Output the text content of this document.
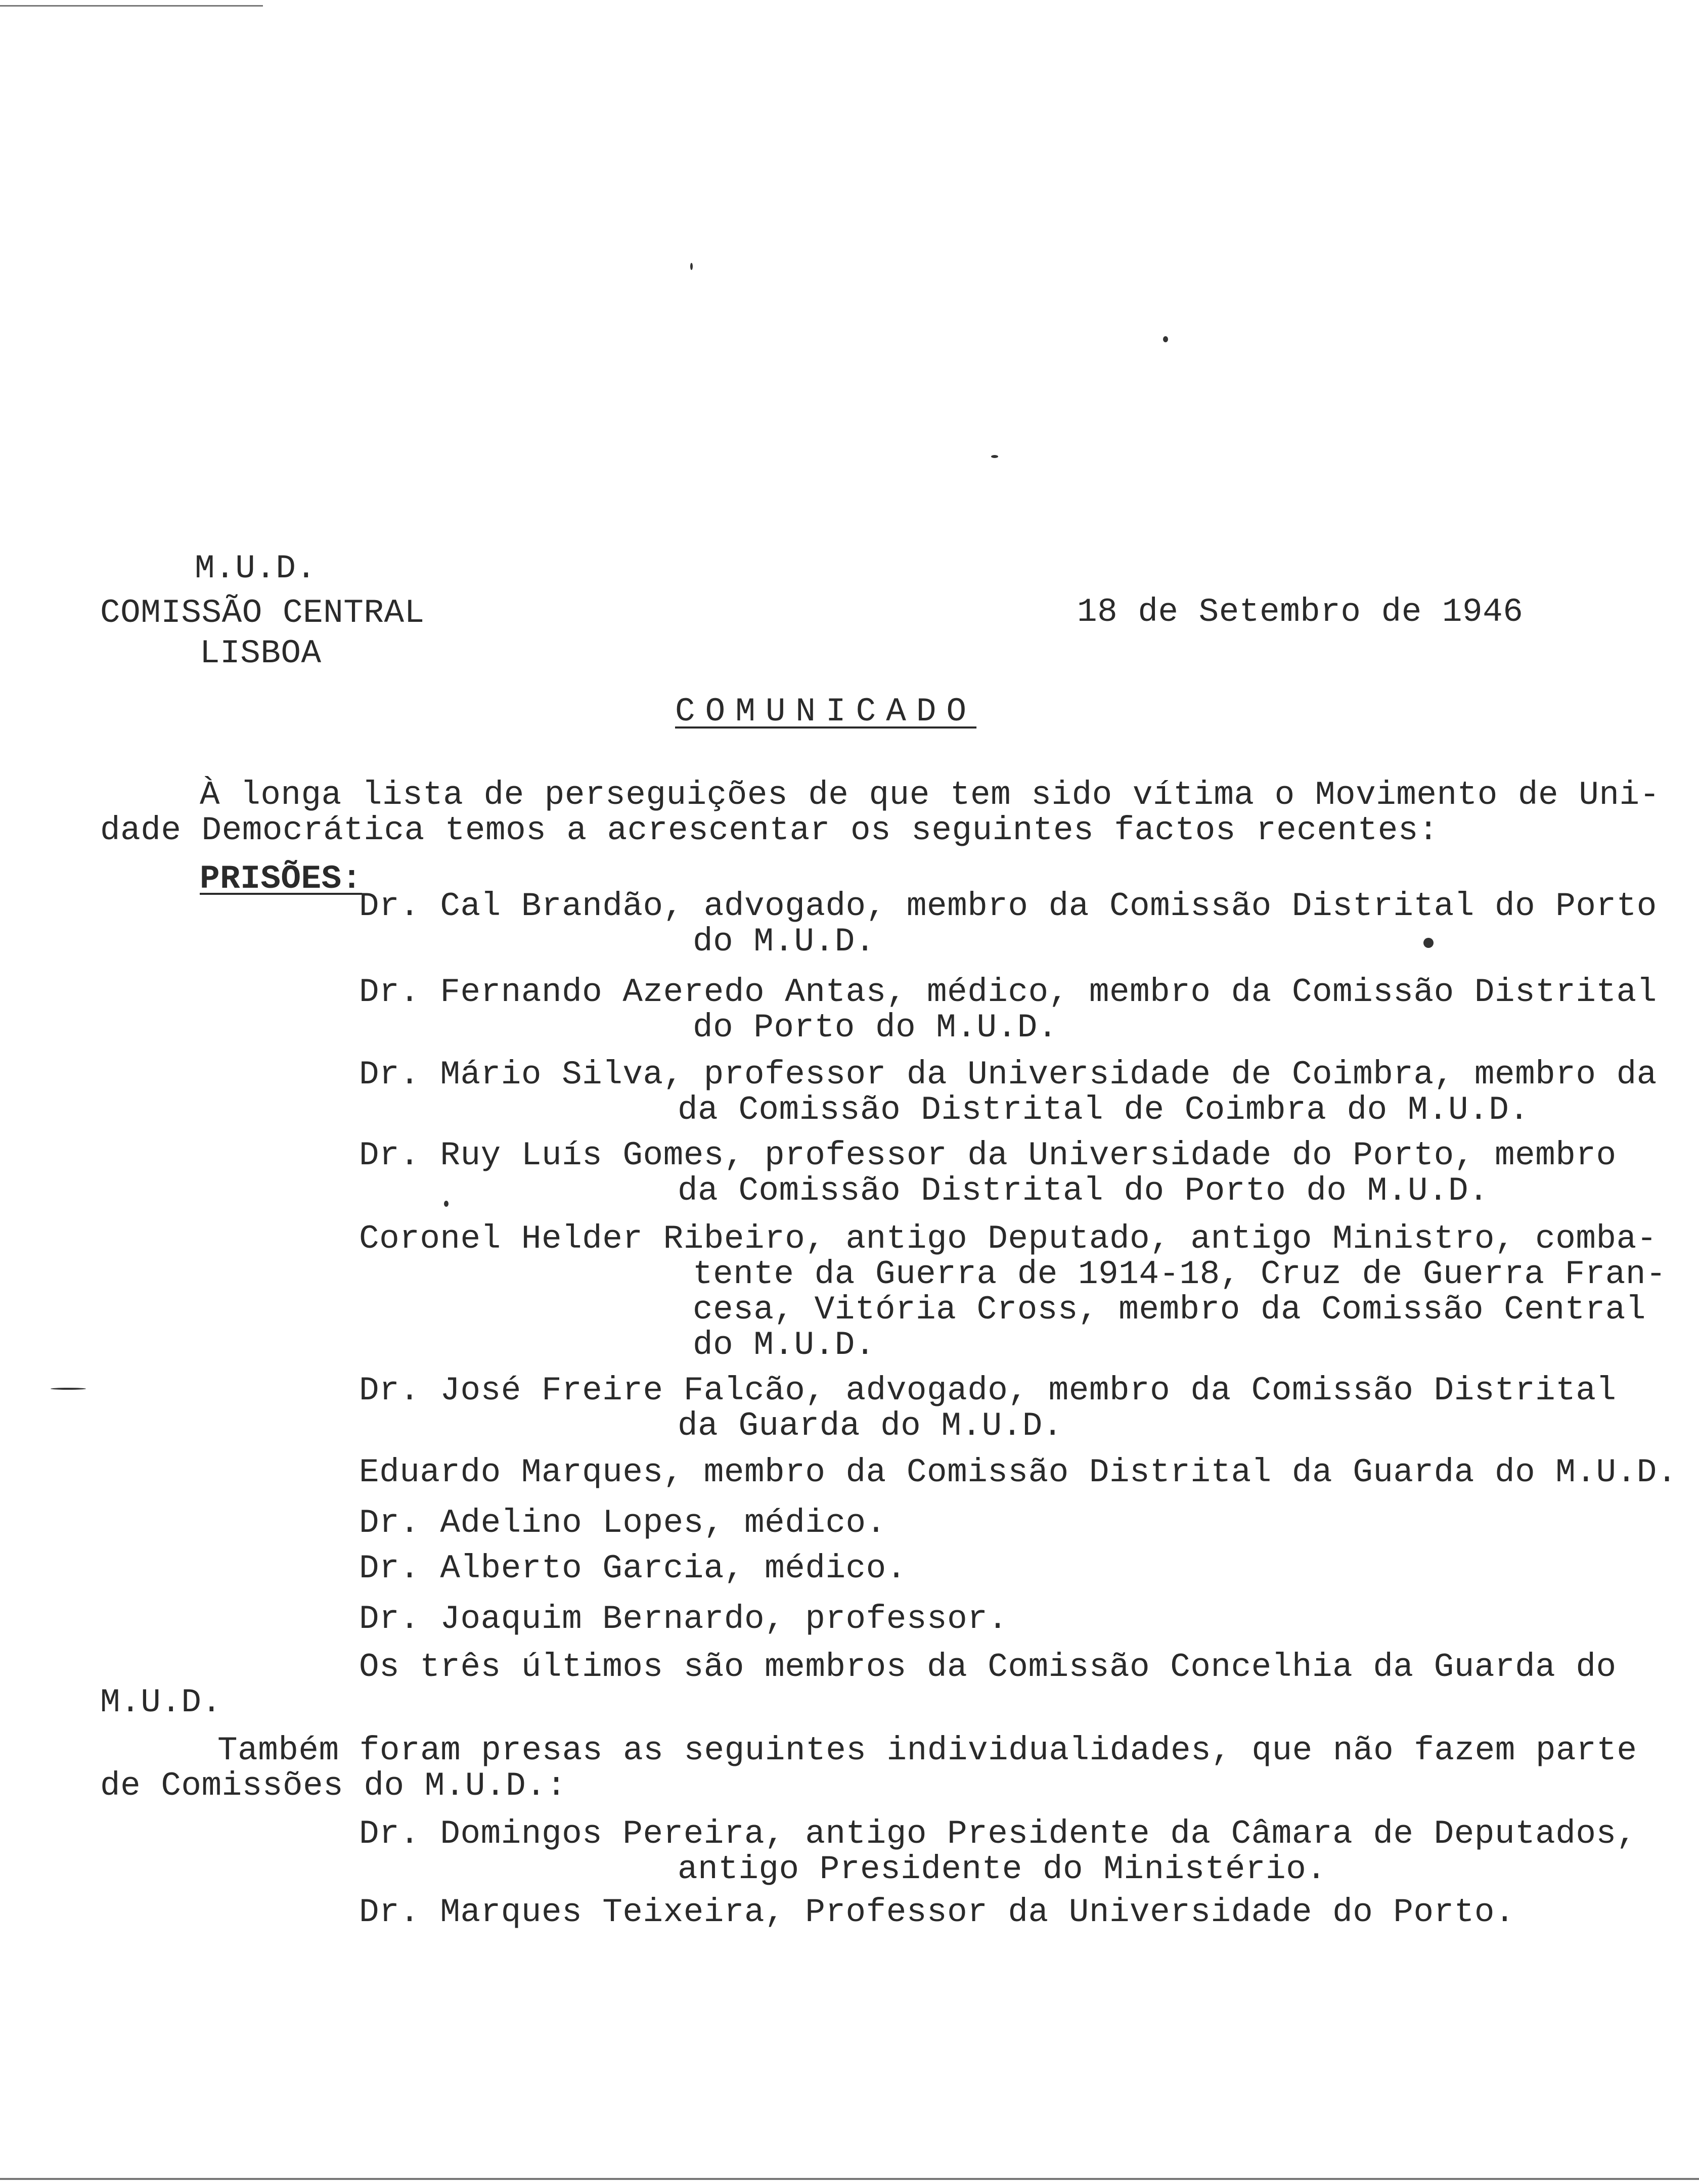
M.U.D.
COMISSÃO CENTRAL
LISBOA
18 de Setembro de 1946
COMUNICADO
À longa lista de perseguições de que tem sido vítima o Movimento de Uni-
dade Democrática temos a acrescentar os seguintes factos recentes:
PRISÕES:
Dr. Cal Brandão, advogado, membro da Comissão Distrital do Porto
do M.U.D.
Dr. Fernando Azeredo Antas, médico, membro da Comissão Distrital
do Porto do M.U.D.
Dr. Mário Silva, professor da Universidade de Coimbra, membro da
da Comissão Distrital de Coimbra do M.U.D.
Dr. Ruy Luís Gomes, professor da Universidade do Porto, membro
da Comissão Distrital do Porto do M.U.D.
Coronel Helder Ribeiro, antigo Deputado, antigo Ministro, comba-
tente da Guerra de 1914-18, Cruz de Guerra Fran-
cesa, Vitória Cross, membro da Comissão Central
do M.U.D.
Dr. José Freire Falcão, advogado, membro da Comissão Distrital
da Guarda do M.U.D.
Eduardo Marques, membro da Comissão Distrital da Guarda do M.U.D.
Dr. Adelino Lopes, médico.
Dr. Alberto Garcia, médico.
Dr. Joaquim Bernardo, professor.
Os três últimos são membros da Comissão Concelhia da Guarda do
M.U.D.
Também foram presas as seguintes individualidades, que não fazem parte
de Comissões do M.U.D.:
Dr. Domingos Pereira, antigo Presidente da Câmara de Deputados,
antigo Presidente do Ministério.
Dr. Marques Teixeira, Professor da Universidade do Porto.
